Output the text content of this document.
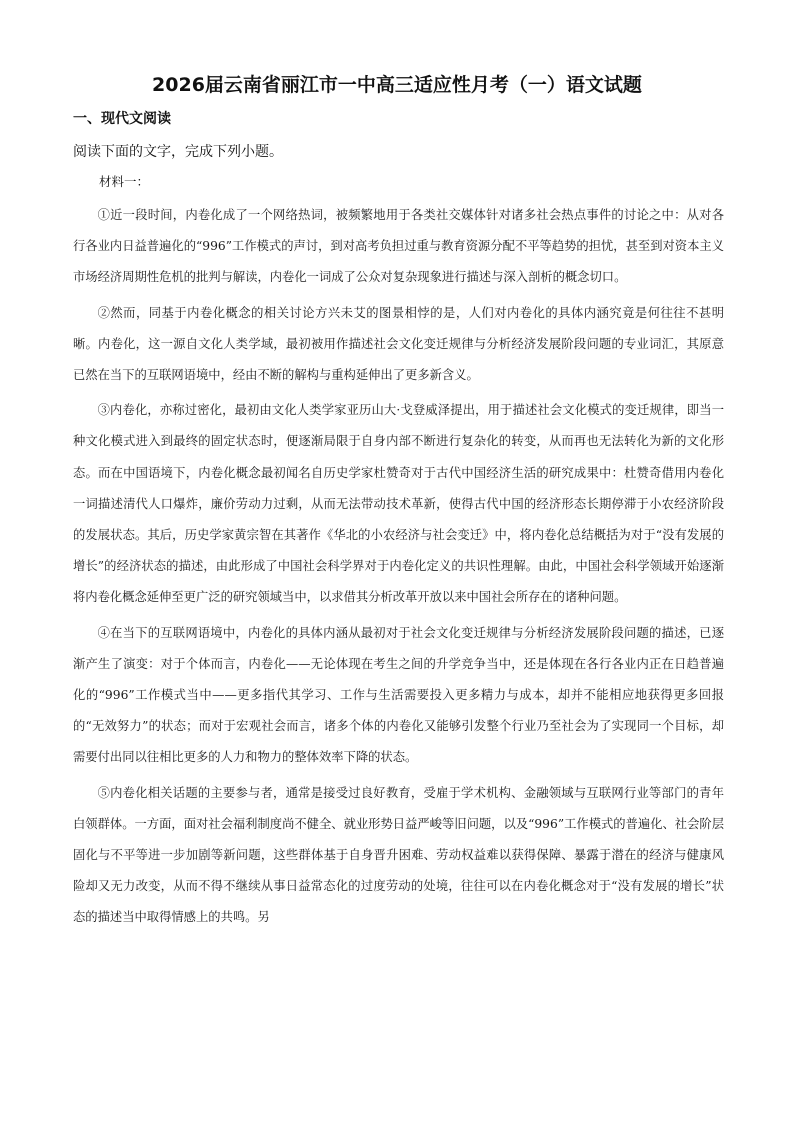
2026届云南省丽江市一中高三适应性月考（一）语文试题
一、现代文阅读
阅读下面的文字，完成下列小题。
材料一：

①近一段时间，内卷化成了一个网络热词，被频繁地用于各类社交媒体针对诸多社会热点事件的讨论之中：从对各行各业内日益普遍化的“996”工作模式的声讨，到对高考负担过重与教育资源分配不平等趋势的担忧，甚至到对资本主义市场经济周期性危机的批判与解读，内卷化一词成了公众对复杂现象进行描述与深入剖析的概念切口。

②然而，同基于内卷化概念的相关讨论方兴未艾的图景相悖的是，人们对内卷化的具体内涵究竟是何往往不甚明晰。内卷化，这一源自文化人类学域，最初被用作描述社会文化变迁规律与分析经济发展阶段问题的专业词汇，其原意已然在当下的互联网语境中，经由不断的解构与重构延伸出了更多新含义。

③内卷化，亦称过密化，最初由文化人类学家亚历山大·戈登威泽提出，用于描述社会文化模式的变迁规律，即当一种文化模式进入到最终的固定状态时，便逐渐局限于自身内部不断进行复杂化的转变，从而再也无法转化为新的文化形态。而在中国语境下，内卷化概念最初闻名自历史学家杜赞奇对于古代中国经济生活的研究成果中：杜赞奇借用内卷化一词描述清代人口爆炸，廉价劳动力过剩，从而无法带动技术革新，使得古代中国的经济形态长期停滞于小农经济阶段的发展状态。其后，历史学家黄宗智在其著作《华北的小农经济与社会变迁》中，将内卷化总结概括为对于“没有发展的增长”的经济状态的描述，由此形成了中国社会科学界对于内卷化定义的共识性理解。由此，中国社会科学领域开始逐渐将内卷化概念延伸至更广泛的研究领域当中，以求借其分析改革开放以来中国社会所存在的诸种问题。

④在当下的互联网语境中，内卷化的具体内涵从最初对于社会文化变迁规律与分析经济发展阶段问题的描述，已逐渐产生了演变：对于个体而言，内卷化——无论体现在考生之间的升学竞争当中，还是体现在各行各业内正在日趋普遍化的“996”工作模式当中——更多指代其学习、工作与生活需要投入更多精力与成本，却并不能相应地获得更多回报的“无效努力”的状态；而对于宏观社会而言，诸多个体的内卷化又能够引发整个行业乃至社会为了实现同一个目标，却需要付出同以往相比更多的人力和物力的整体效率下降的状态。

⑤内卷化相关话题的主要参与者，通常是接受过良好教育，受雇于学术机构、金融领域与互联网行业等部门的青年白领群体。一方面，面对社会福利制度尚不健全、就业形势日益严峻等旧问题，以及“996”工作模式的普遍化、社会阶层固化与不平等进一步加剧等新问题，这些群体基于自身晋升困难、劳动权益难以获得保障、暴露于潜在的经济与健康风险却又无力改变，从而不得不继续从事日益常态化的过度劳动的处境，往往可以在内卷化概念对于“没有发展的增长”状态的描述当中取得情感上的共鸣。另
